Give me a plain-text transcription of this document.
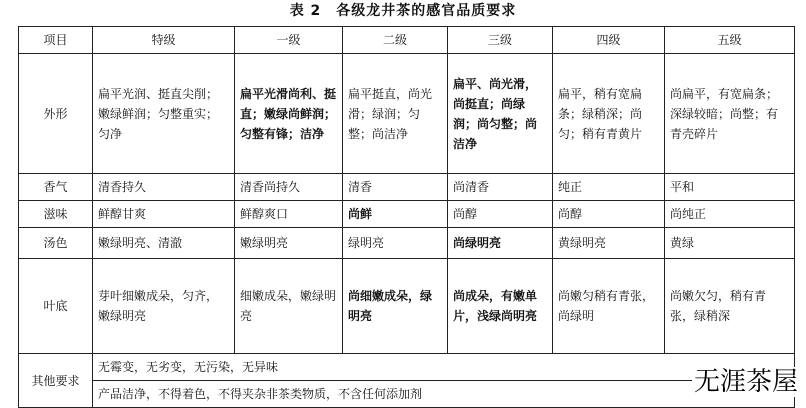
表 2　各级龙井茶的感官品质要求
项目	特级	一级	二级	三级	四级	五级
外形	扁平光润、挺直尖削；嫩绿鲜润；匀整重实；匀净	扁平光滑尚利、挺直；嫩绿尚鲜润；匀整有锋；洁净	扁平挺直，尚光滑；绿润；匀整；尚洁净	扁平、尚光滑，尚挺直；尚绿润；尚匀整；尚洁净	扁平，稍有宽扁条；绿稍深；尚匀；稍有青黄片	尚扁平，有宽扁条；深绿较暗；尚整；有青壳碎片
香气	清香持久	清香尚持久	清香	尚清香	纯正	平和
滋味	鲜醇甘爽	鲜醇爽口	尚鲜	尚醇	尚醇	尚纯正
汤色	嫩绿明亮、清澈	嫩绿明亮	绿明亮	尚绿明亮	黄绿明亮	黄绿
叶底	芽叶细嫩成朵，匀齐，嫩绿明亮	细嫩成朵，嫩绿明亮	尚细嫩成朵，绿明亮	尚成朵，有嫩单片，浅绿尚明亮	尚嫩匀稍有青张，尚绿明	尚嫩欠匀，稍有青张，绿稍深
其他要求	无霉变，无劣变，无污染，无异味					
	产品洁净，不得着色，不得夹杂非茶类物质，不含任何添加剂						无涯茶屋
